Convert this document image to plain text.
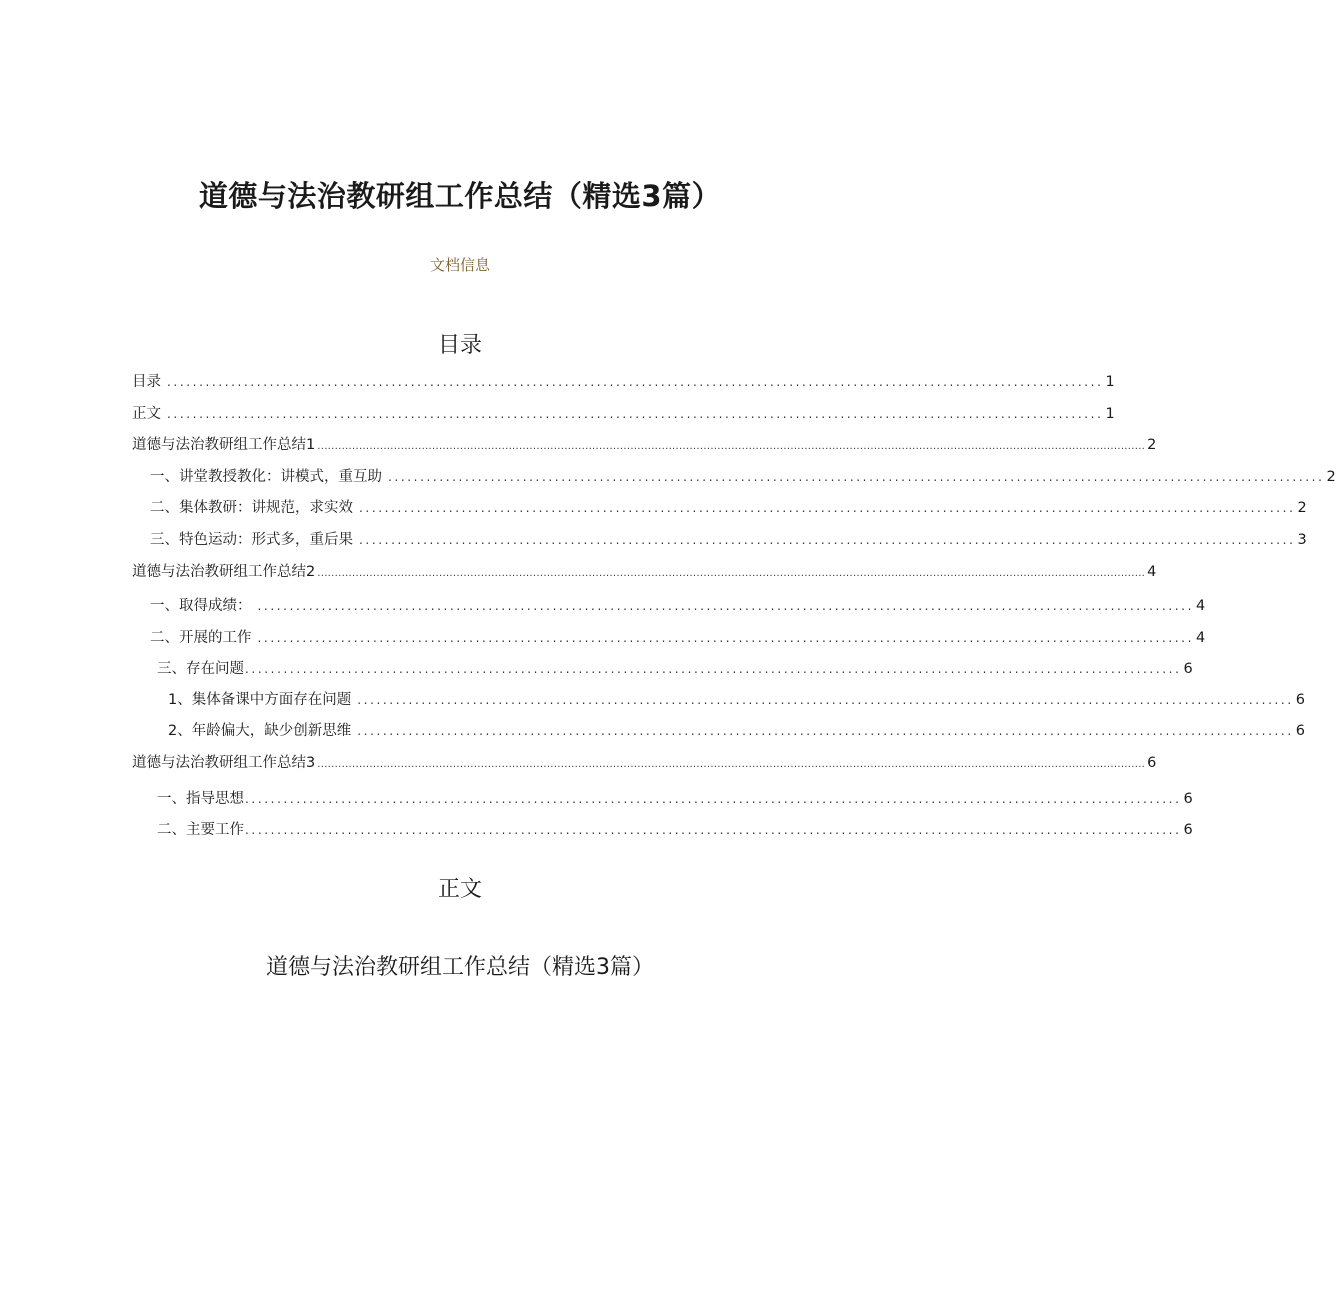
道德与法治教研组工作总结（精选3篇）
文档信息
目录
目录 .................................................................................................................................................. 1
正文 .................................................................................................................................................. 1
道德与法治教研组工作总结1 .............................................................................................................................................................................................................................................. 2
一、讲堂教授教化：讲模式，重互助 .................................................................................................................................................. 2
二、集体教研：讲规范，求实效 .................................................................................................................................................. 2
三、特色运动：形式多，重后果 .................................................................................................................................................. 3
道德与法治教研组工作总结2 .............................................................................................................................................................................................................................................. 4
一、取得成绩： .................................................................................................................................................. 4
二、开展的工作 .................................................................................................................................................. 4
三、存在问题 .................................................................................................................................................. 6
1、集体备课中方面存在问题 .................................................................................................................................................. 6
2、年龄偏大，缺少创新思维 .................................................................................................................................................. 6
道德与法治教研组工作总结3 .............................................................................................................................................................................................................................................. 6
一、指导思想 .................................................................................................................................................. 6
二、主要工作 .................................................................................................................................................. 6
正文
道德与法治教研组工作总结（精选3篇）
